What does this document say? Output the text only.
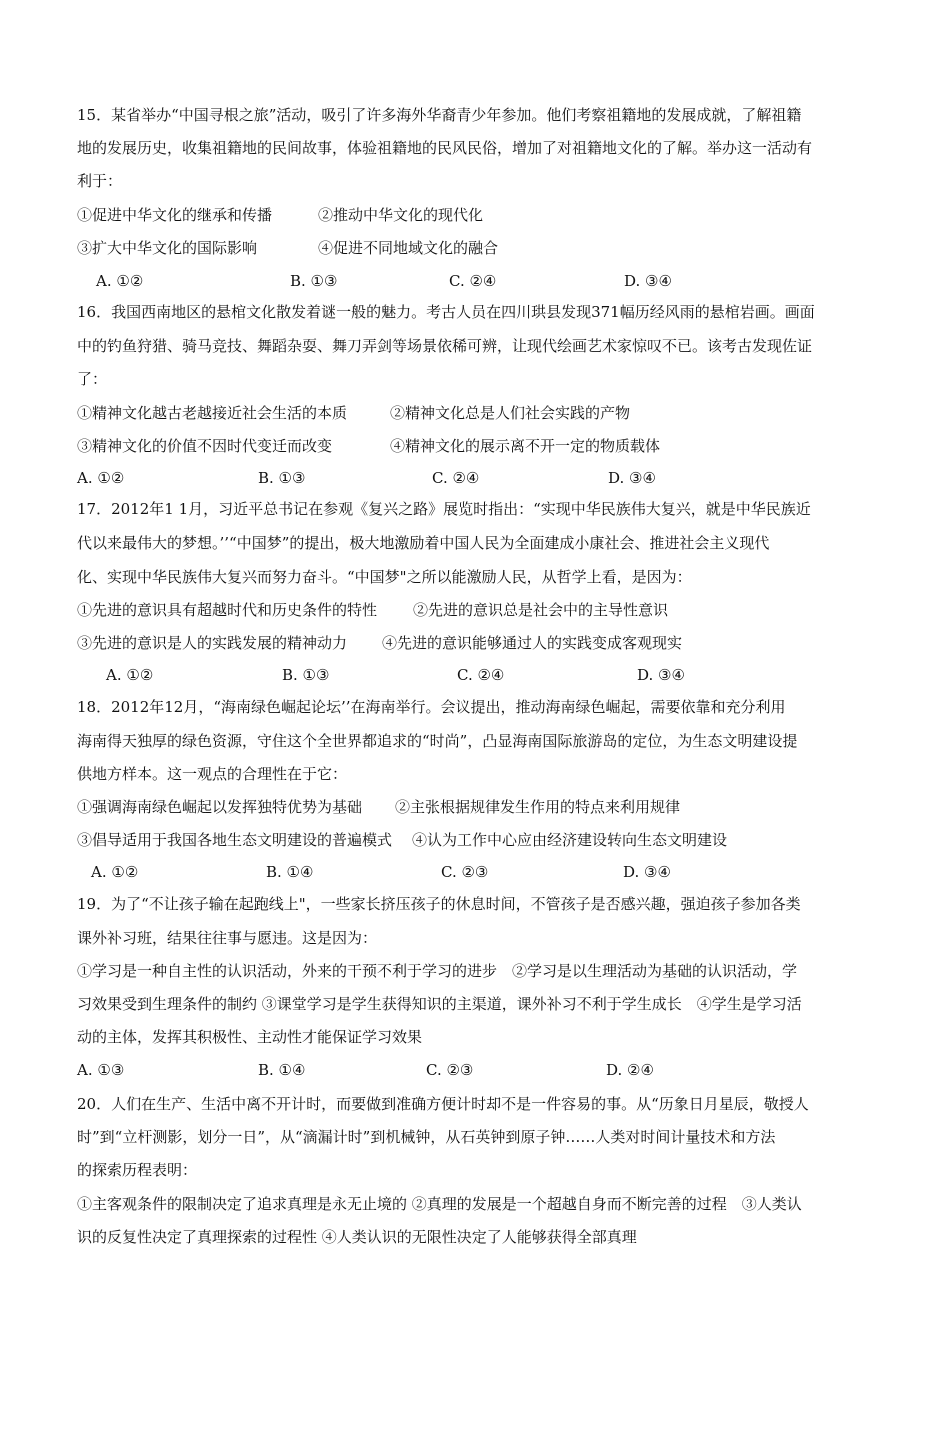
15．某省举办“中国寻根之旅”活动，吸引了许多海外华裔青少年参加。他们考察祖籍地的发展成就，了解祖籍
地的发展历史，收集祖籍地的民间故事，体验祖籍地的民风民俗，增加了对祖籍地文化的了解。举办这一活动有
利于：
①促进中华文化的继承和传播	②推动中华文化的现代化
③扩大中华文化的国际影响	④促进不同地域文化的融合
A. ①②	B. ①③	C. ②④	D. ③④
16．我国西南地区的悬棺文化散发着谜一般的魅力。考古人员在四川珙县发现371幅历经风雨的悬棺岩画。画面
中的钓鱼狩猎、骑马竞技、舞蹈杂耍、舞刀弄剑等场景依稀可辨，让现代绘画艺术家惊叹不已。该考古发现佐证
了：
①精神文化越古老越接近社会生活的本质	②精神文化总是人们社会实践的产物
③精神文化的价值不因时代变迁而改变	④精神文化的展示离不开一定的物质载体
A. ①②	B. ①③	C. ②④	D. ③④
17．2012年1 1月，习近平总书记在参观《复兴之路》展览时指出：“实现中华民族伟大复兴，就是中华民族近
代以来最伟大的梦想。’’“中国梦”的提出，极大地激励着中国人民为全面建成小康社会、推进社会主义现代
化、实现中华民族伟大复兴而努力奋斗。“中国梦"之所以能激励人民，从哲学上看，是因为：
①先进的意识具有超越时代和历史条件的特性 ②先进的意识总是社会中的主导性意识
③先进的意识是人的实践发展的精神动力 ④先进的意识能够通过人的实践变成客观现实
A. ①②	B. ①③	C. ②④	D. ③④
18．2012年12月，“海南绿色崛起论坛’’在海南举行。会议提出，推动海南绿色崛起，需要依靠和充分利用
海南得天独厚的绿色资源，守住这个全世界都追求的“时尚”，凸显海南国际旅游岛的定位，为生态文明建设提
供地方样本。这一观点的合理性在于它：
①强调海南绿色崛起以发挥独特优势为基础 ②主张根据规律发生作用的特点来利用规律
③倡导适用于我国各地生态文明建设的普遍模式 ④认为工作中心应由经济建设转向生态文明建设
A. ①②	B. ①④	C. ②③	D. ③④
19．为了“不让孩子输在起跑线上"，一些家长挤压孩子的休息时间，不管孩子是否感兴趣，强迫孩子参加各类
课外补习班，结果往往事与愿违。这是因为：
①学习是一种自主性的认识活动，外来的干预不利于学习的进步　②学习是以生理活动为基础的认识活动，学
习效果受到生理条件的制约 ③课堂学习是学生获得知识的主渠道，课外补习不利于学生成长　④学生是学习活
动的主体，发挥其积极性、主动性才能保证学习效果
A. ①③	B. ①④	C. ②③	D. ②④
20．人们在生产、生活中离不开计时，而要做到准确方便计时却不是一件容易的事。从“历象日月星辰，敬授人
时”到“立杆测影，划分一日”，从“滴漏计时”到机械钟，从石英钟到原子钟……人类对时间计量技术和方法
的探索历程表明：
①主客观条件的限制决定了追求真理是永无止境的 ②真理的发展是一个超越自身而不断完善的过程　③人类认
识的反复性决定了真理探索的过程性 ④人类认识的无限性决定了人能够获得全部真理
